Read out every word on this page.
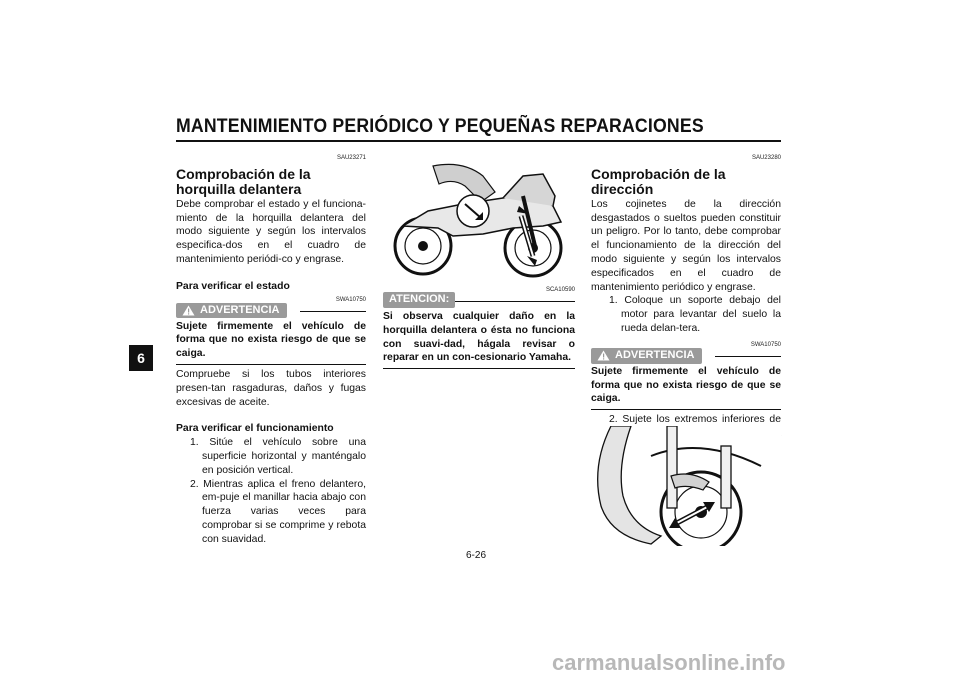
MANTENIMIENTO PERIÓDICO Y PEQUEÑAS REPARACIONES
6
SAU23271
Comprobación de la horquilla delantera
Debe comprobar el estado y el funciona-miento de la horquilla delantera del modo siguiente y según los intervalos especifica-dos en el cuadro de mantenimiento periódi-co y engrase.
Para verificar el estado
SWA10750
ADVERTENCIA
Sujete firmemente el vehículo de forma que no exista riesgo de que se caiga.
Compruebe si los tubos interiores presen-tan rasgaduras, daños y fugas excesivas de aceite.
Para verificar el funcionamiento
1. Sitúe el vehículo sobre una superficie horizontal y manténgalo en posición vertical.
2. Mientras aplica el freno delantero, em-puje el manillar hacia abajo con fuerza varias veces para comprobar si se comprime y rebota con suavidad.
SCA10590
ATENCION:
Si observa cualquier daño en la horquilla delantera o ésta no funciona con suavi-dad, hágala revisar o reparar en un con-cesionario Yamaha.
SAU23280
Comprobación de la dirección
Los cojinetes de la dirección desgastados o sueltos pueden constituir un peligro. Por lo tanto, debe comprobar el funcionamiento de la dirección del modo siguiente y según los intervalos especificados en el cuadro de mantenimiento periódico y engrase.
1. Coloque un soporte debajo del motor para levantar del suelo la rueda delan-tera.
SWA10750
ADVERTENCIA
Sujete firmemente el vehículo de forma que no exista riesgo de que se caiga.
2. Sujete los extremos inferiores de
6-26
carmanualsonline.info
